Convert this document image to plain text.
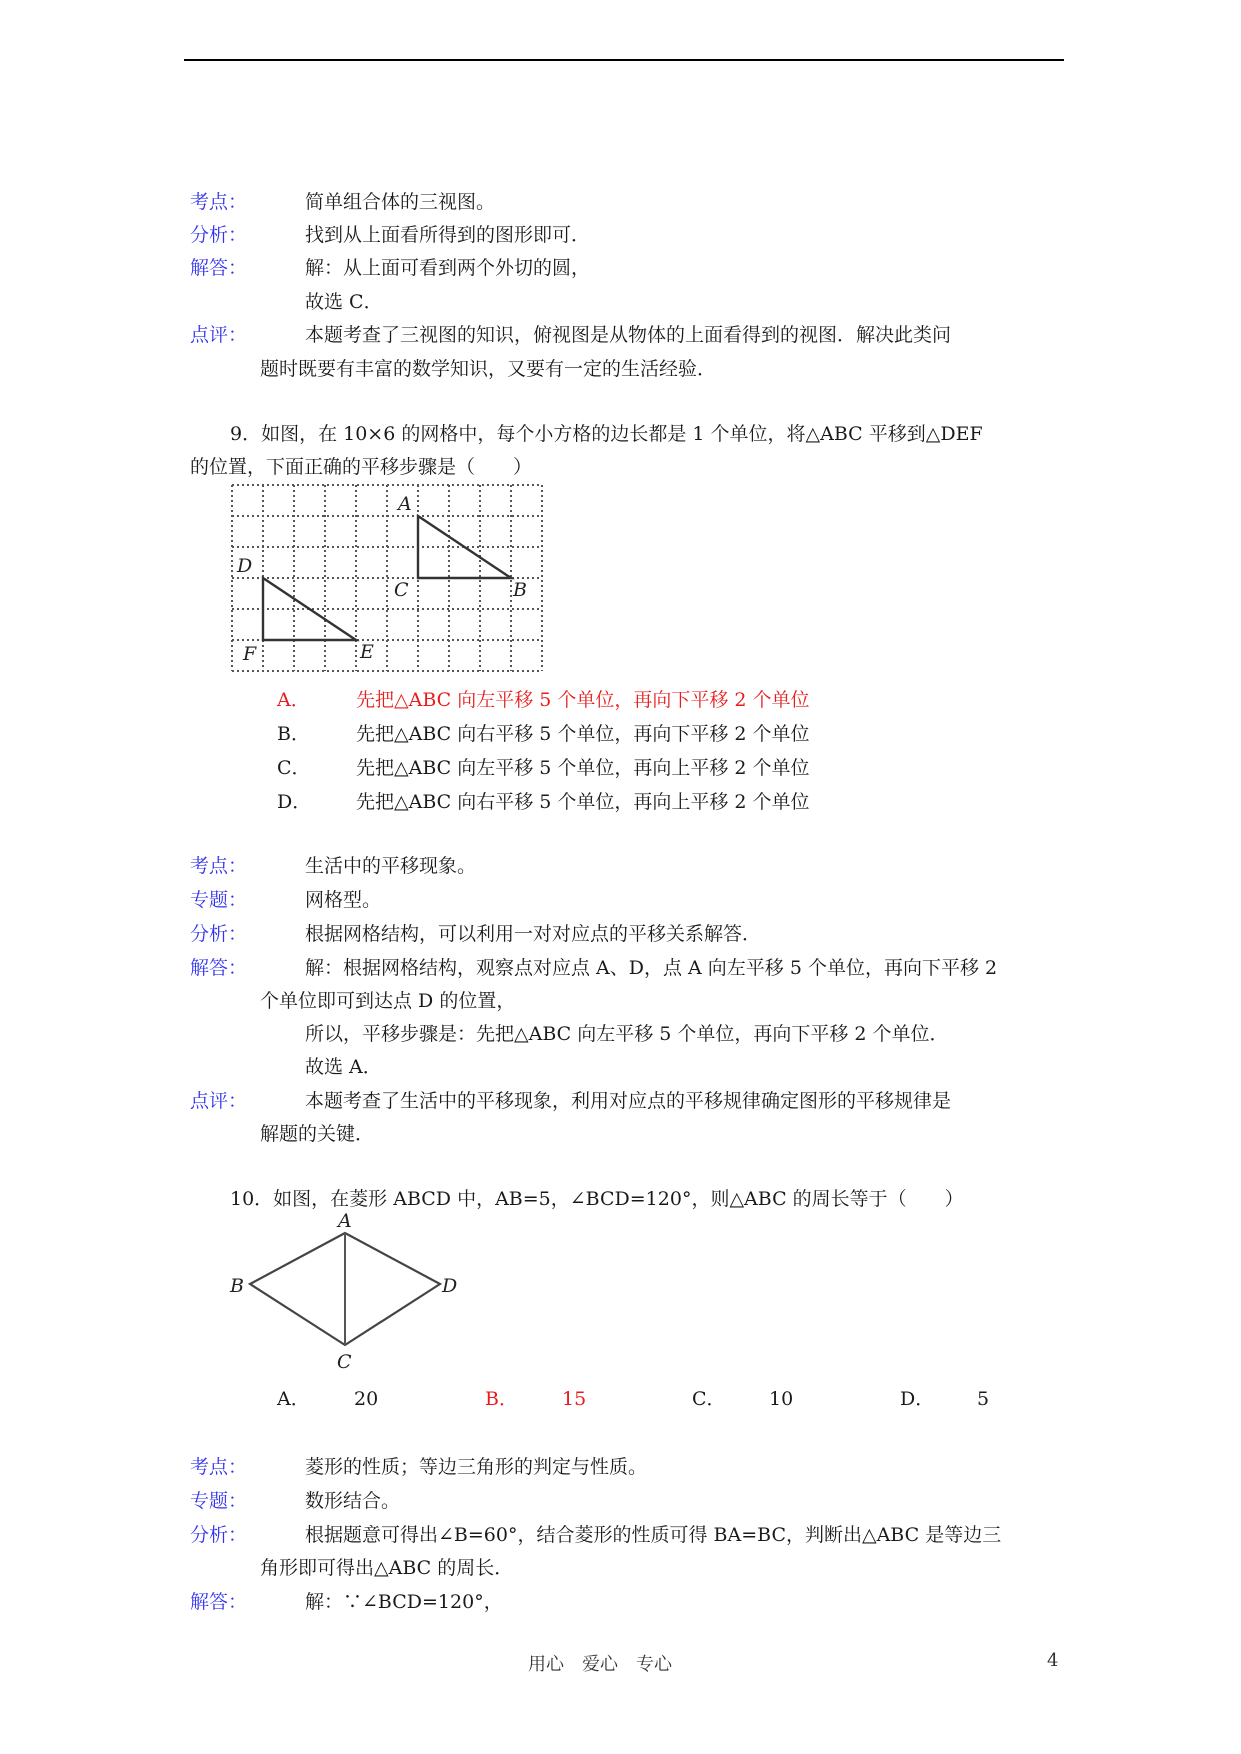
考点：	简单组合体的三视图。
分析：	找到从上面看所得到的图形即可．
解答：	解：从上面可看到两个外切的圆，
故选 C．
点评：	本题考查了三视图的知识，俯视图是从物体的上面看得到的视图．解决此类问
题时既要有丰富的数学知识，又要有一定的生活经验．
9．如图，在 10×6 的网格中，每个小方格的边长都是 1 个单位，将△ABC 平移到△DEF
的位置，下面正确的平移步骤是（　　）
A
B
C
D
E
F
A． 先把△ABC 向左平移 5 个单位，再向下平移 2 个单位
B． 先把△ABC 向右平移 5 个单位，再向下平移 2 个单位
C． 先把△ABC 向左平移 5 个单位，再向上平移 2 个单位
D． 先把△ABC 向右平移 5 个单位，再向上平移 2 个单位
考点：	生活中的平移现象。
专题：	网格型。
分析：	根据网格结构，可以利用一对对应点的平移关系解答．
解答：	解：根据网格结构，观察点对应点 A、D，点 A 向左平移 5 个单位，再向下平移 2
个单位即可到达点 D 的位置，
所以，平移步骤是：先把△ABC 向左平移 5 个单位，再向下平移 2 个单位．
故选 A．
点评：	本题考查了生活中的平移现象，利用对应点的平移规律确定图形的平移规律是
解题的关键．
10．如图，在菱形 ABCD 中，AB=5，∠BCD=120°，则△ABC 的周长等于（　　）
A
B
C
D
A． 20	B． 15	C． 10	D． 5
考点：	菱形的性质；等边三角形的判定与性质。
专题：	数形结合。
分析：	根据题意可得出∠B=60°，结合菱形的性质可得 BA=BC，判断出△ABC 是等边三
角形即可得出△ABC 的周长．
解答：	解：∵∠BCD=120°，
用心　爱心　专心	4
